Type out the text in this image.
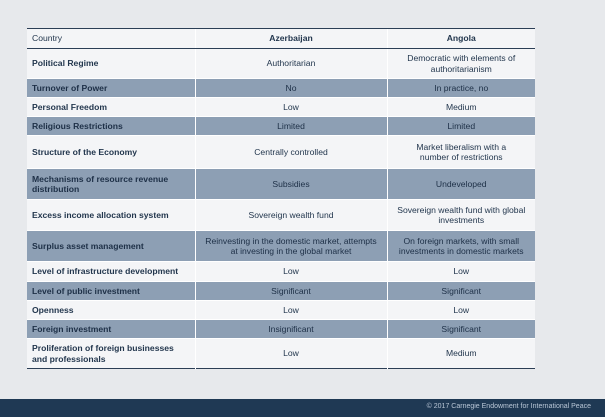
Country	Azerbaijan	Angola
Political Regime	Authoritarian	Democratic with elements of authoritarianism
Turnover of Power	No	In practice, no
Personal Freedom	Low	Medium
Religious Restrictions	Limited	Limited
Structure of the Economy	Centrally controlled	Market liberalism with a number of restrictions
Mechanisms of resource revenue distribution	Subsidies	Undeveloped
Excess income allocation system	Sovereign wealth fund	Sovereign wealth fund with global investments
Surplus asset management	Reinvesting in the domestic market, attempts at investing in the global market	On foreign markets, with small investments in domestic markets
Level of infrastructure development	Low	Low
Level of public investment	Significant	Significant
Openness	Low	Low
Foreign investment	Insignificant	Significant
Proliferation of foreign businesses and professionals	Low	Medium
© 2017 Carnegie Endowment for International Peace
